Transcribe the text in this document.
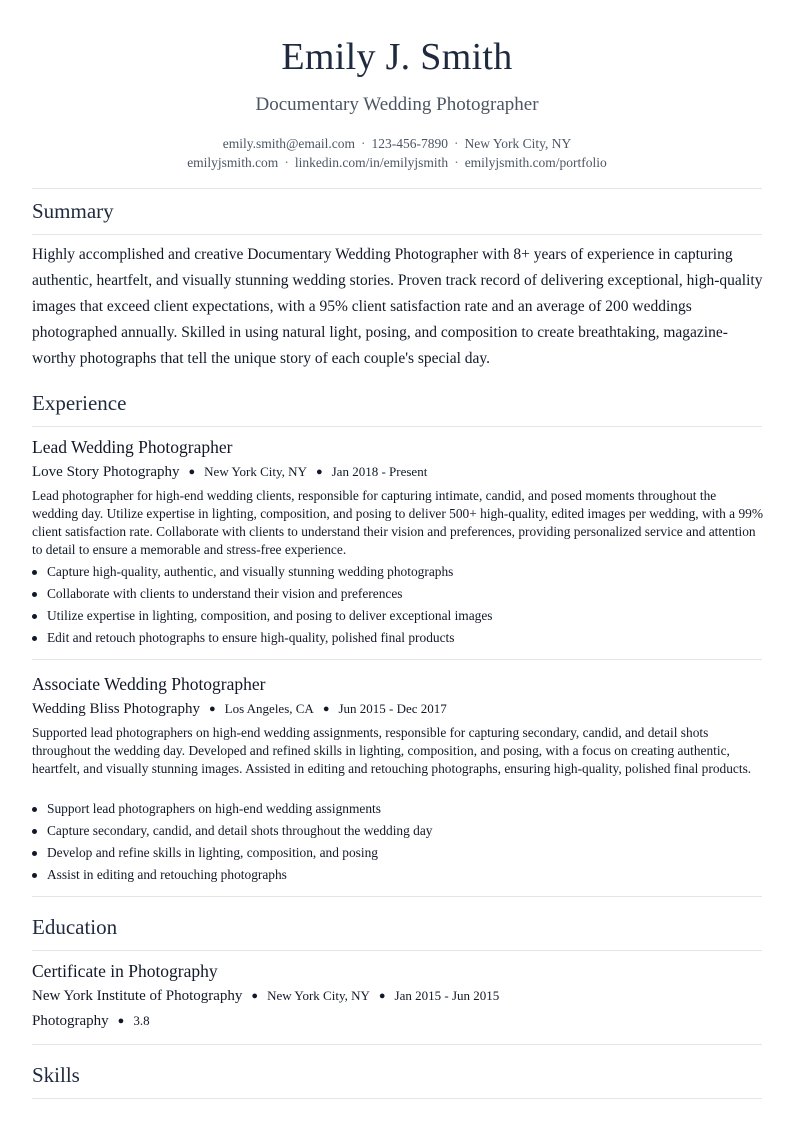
Emily J. Smith
Documentary Wedding Photographer
emily.smith@email.com · 123-456-7890 · New York City, NY
emilyjsmith.com · linkedin.com/in/emilyjsmith · emilyjsmith.com/portfolio
Summary
Highly accomplished and creative Documentary Wedding Photographer with 8+ years of experience in capturing authentic, heartfelt, and visually stunning wedding stories. Proven track record of delivering exceptional, high-quality images that exceed client expectations, with a 95% client satisfaction rate and an average of 200 weddings photographed annually. Skilled in using natural light, posing, and composition to create breathtaking, magazine-worthy photographs that tell the unique story of each couple's special day.
Experience
Lead Wedding Photographer
Love Story Photography ● New York City, NY ● Jan 2018 - Present
Lead photographer for high-end wedding clients, responsible for capturing intimate, candid, and posed moments throughout the wedding day. Utilize expertise in lighting, composition, and posing to deliver 500+ high-quality, edited images per wedding, with a 99% client satisfaction rate. Collaborate with clients to understand their vision and preferences, providing personalized service and attention to detail to ensure a memorable and stress-free experience.
Capture high-quality, authentic, and visually stunning wedding photographs
Collaborate with clients to understand their vision and preferences
Utilize expertise in lighting, composition, and posing to deliver exceptional images
Edit and retouch photographs to ensure high-quality, polished final products
Associate Wedding Photographer
Wedding Bliss Photography ● Los Angeles, CA ● Jun 2015 - Dec 2017
Supported lead photographers on high-end wedding assignments, responsible for capturing secondary, candid, and detail shots throughout the wedding day. Developed and refined skills in lighting, composition, and posing, with a focus on creating authentic, heartfelt, and visually stunning images. Assisted in editing and retouching photographs, ensuring high-quality, polished final products.
Support lead photographers on high-end wedding assignments
Capture secondary, candid, and detail shots throughout the wedding day
Develop and refine skills in lighting, composition, and posing
Assist in editing and retouching photographs
Education
Certificate in Photography
New York Institute of Photography ● New York City, NY ● Jan 2015 - Jun 2015
Photography ● 3.8
Skills
